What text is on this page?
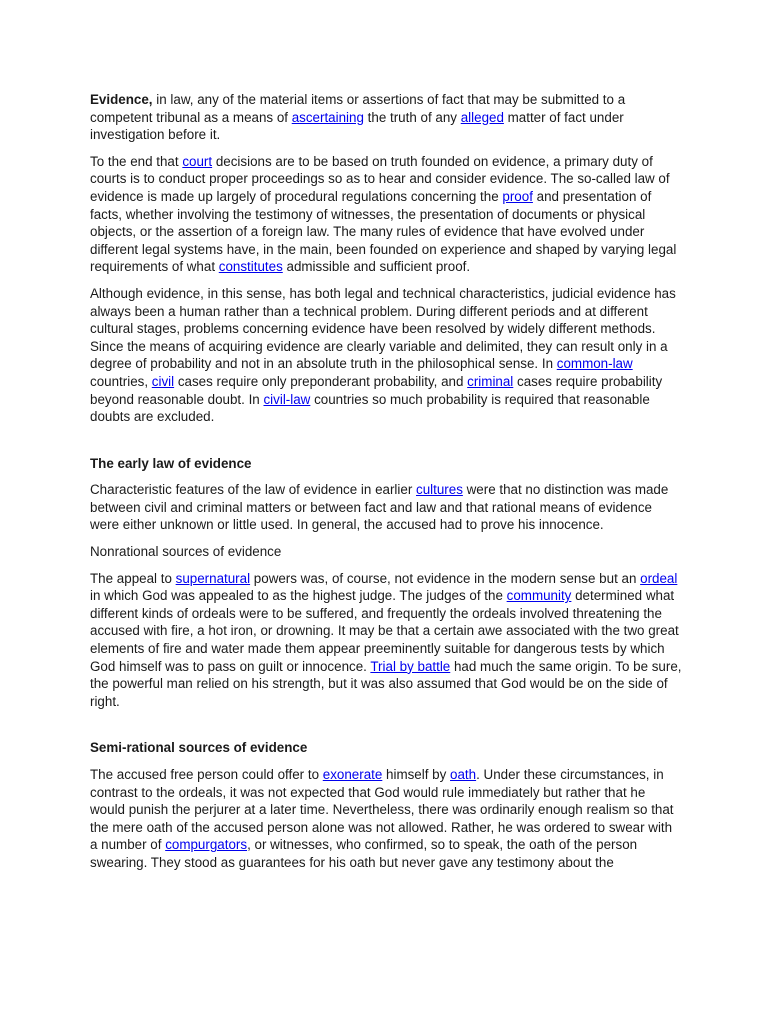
Evidence, in law, any of the material items or assertions of fact that may be submitted to a competent tribunal as a means of ascertaining the truth of any alleged matter of fact under investigation before it.

To the end that court decisions are to be based on truth founded on evidence, a primary duty of courts is to conduct proper proceedings so as to hear and consider evidence. The so-called law of evidence is made up largely of procedural regulations concerning the proof and presentation of facts, whether involving the testimony of witnesses, the presentation of documents or physical objects, or the assertion of a foreign law. The many rules of evidence that have evolved under different legal systems have, in the main, been founded on experience and shaped by varying legal requirements of what constitutes admissible and sufficient proof.

Although evidence, in this sense, has both legal and technical characteristics, judicial evidence has always been a human rather than a technical problem. During different periods and at different cultural stages, problems concerning evidence have been resolved by widely different methods. Since the means of acquiring evidence are clearly variable and delimited, they can result only in a degree of probability and not in an absolute truth in the philosophical sense. In common-law countries, civil cases require only preponderant probability, and criminal cases require probability beyond reasonable doubt. In civil-law countries so much probability is required that reasonable doubts are excluded.

The early law of evidence

Characteristic features of the law of evidence in earlier cultures were that no distinction was made between civil and criminal matters or between fact and law and that rational means of evidence were either unknown or little used. In general, the accused had to prove his innocence.

Nonrational sources of evidence

The appeal to supernatural powers was, of course, not evidence in the modern sense but an ordeal in which God was appealed to as the highest judge. The judges of the community determined what different kinds of ordeals were to be suffered, and frequently the ordeals involved threatening the accused with fire, a hot iron, or drowning. It may be that a certain awe associated with the two great elements of fire and water made them appear preeminently suitable for dangerous tests by which God himself was to pass on guilt or innocence. Trial by battle had much the same origin. To be sure, the powerful man relied on his strength, but it was also assumed that God would be on the side of right.

Semi-rational sources of evidence

The accused free person could offer to exonerate himself by oath. Under these circumstances, in contrast to the ordeals, it was not expected that God would rule immediately but rather that he would punish the perjurer at a later time. Nevertheless, there was ordinarily enough realism so that the mere oath of the accused person alone was not allowed. Rather, he was ordered to swear with a number of compurgators, or witnesses, who confirmed, so to speak, the oath of the person swearing. They stood as guarantees for his oath but never gave any testimony about the
